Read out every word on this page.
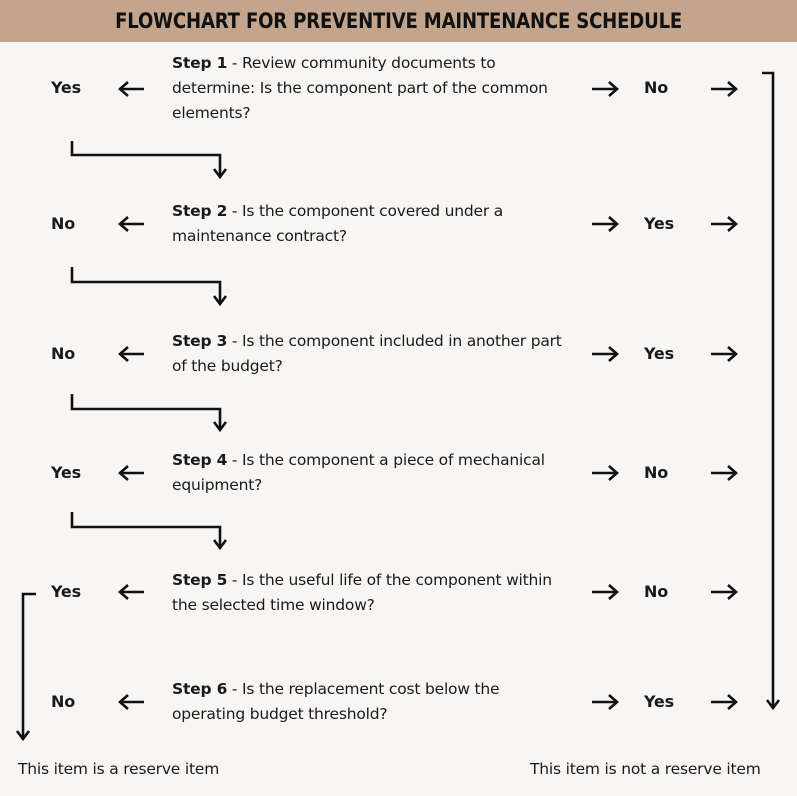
FLOWCHART FOR PREVENTIVE MAINTENANCE SCHEDULE
Step 1 - Review community documents to determine: Is the component part of the common elements?
Yes	No
Step 2 - Is the component covered under a maintenance contract?
No	Yes
Step 3 - Is the component included in another part of the budget?
No	Yes
Step 4 - Is the component a piece of mechanical equipment?
Yes	No
Step 5 - Is the useful life of the component within the selected time window?
Yes	No
Step 6 - Is the replacement cost below the operating budget threshold?
No	Yes
This item is a reserve item	This item is not a reserve item
